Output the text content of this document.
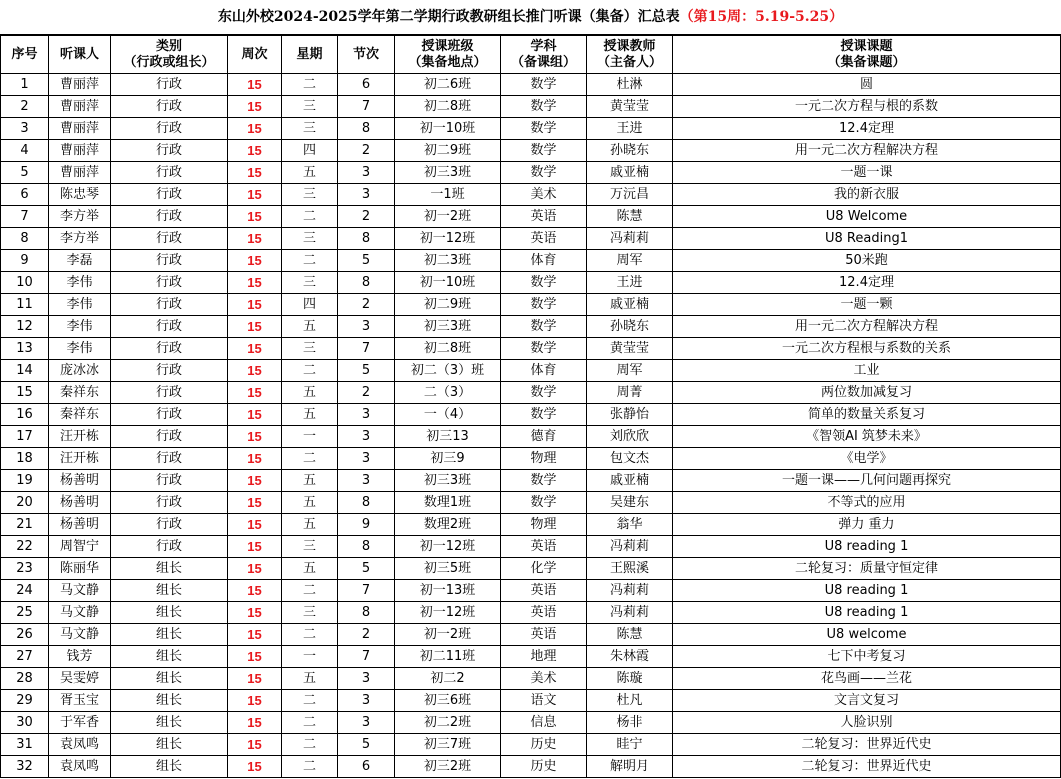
东山外校2024-2025学年第二学期行政教研组长推门听课（集备）汇总表（第15周：5.19-5.25）
序号	听课人	类别
（行政或组长）	周次	星期	节次	授课班级
（集备地点）	学科
（备课组）	授课教师
（主备人）	授课课题
（集备课题）
1	曹丽萍	行政	15	二	6	初二6班	数学	杜淋	圆
2	曹丽萍	行政	15	三	7	初二8班	数学	黄莹莹	一元二次方程与根的系数
3	曹丽萍	行政	15	三	8	初一10班	数学	王进	12.4定理
4	曹丽萍	行政	15	四	2	初二9班	数学	孙晓东	用一元二次方程解决方程
5	曹丽萍	行政	15	五	3	初三3班	数学	戚亚楠	一题一课
6	陈忠琴	行政	15	三	3	一1班	美术	万沅昌	我的新衣服
7	李方举	行政	15	二	2	初一2班	英语	陈慧	U8 Welcome
8	李方举	行政	15	三	8	初一12班	英语	冯莉莉	U8 Reading1
9	李磊	行政	15	二	5	初二3班	体育	周军	50米跑
10	李伟	行政	15	三	8	初一10班	数学	王进	12.4定理
11	李伟	行政	15	四	2	初二9班	数学	戚亚楠	一题一颗
12	李伟	行政	15	五	3	初三3班	数学	孙晓东	用一元二次方程解决方程
13	李伟	行政	15	三	7	初二8班	数学	黄莹莹	一元二次方程根与系数的关系
14	庞冰冰	行政	15	二	5	初二（3）班	体育	周军	工业
15	秦祥东	行政	15	五	2	二（3）	数学	周菁	两位数加减复习
16	秦祥东	行政	15	五	3	一（4）	数学	张静怡	简单的数量关系复习
17	汪开栋	行政	15	一	3	初三13	德育	刘欣欣	《智领AI 筑梦未来》
18	汪开栋	行政	15	二	3	初三9	物理	包文杰	《电学》
19	杨善明	行政	15	五	3	初三3班	数学	戚亚楠	一题一课——几何问题再探究
20	杨善明	行政	15	五	8	数理1班	数学	吴建东	不等式的应用
21	杨善明	行政	15	五	9	数理2班	物理	翁华	弹力 重力
22	周智宁	行政	15	三	8	初一12班	英语	冯莉莉	U8 reading 1
23	陈丽华	组长	15	五	5	初三5班	化学	王熙溪	二轮复习：质量守恒定律
24	马文静	组长	15	二	7	初一13班	英语	冯莉莉	U8 reading 1
25	马文静	组长	15	三	8	初一12班	英语	冯莉莉	U8 reading 1
26	马文静	组长	15	二	2	初一2班	英语	陈慧	U8 welcome
27	钱芳	组长	15	一	7	初二11班	地理	朱林霞	七下中考复习
28	吴雯婷	组长	15	五	3	初二2	美术	陈璇	花鸟画——兰花
29	胥玉宝	组长	15	二	3	初三6班	语文	杜凡	文言文复习
30	于军香	组长	15	二	3	初二2班	信息	杨非	人脸识别
31	袁凤鸣	组长	15	二	5	初三7班	历史	眭宁	二轮复习：世界近代史
32	袁凤鸣	组长	15	二	6	初三2班	历史	解明月	二轮复习：世界近代史
